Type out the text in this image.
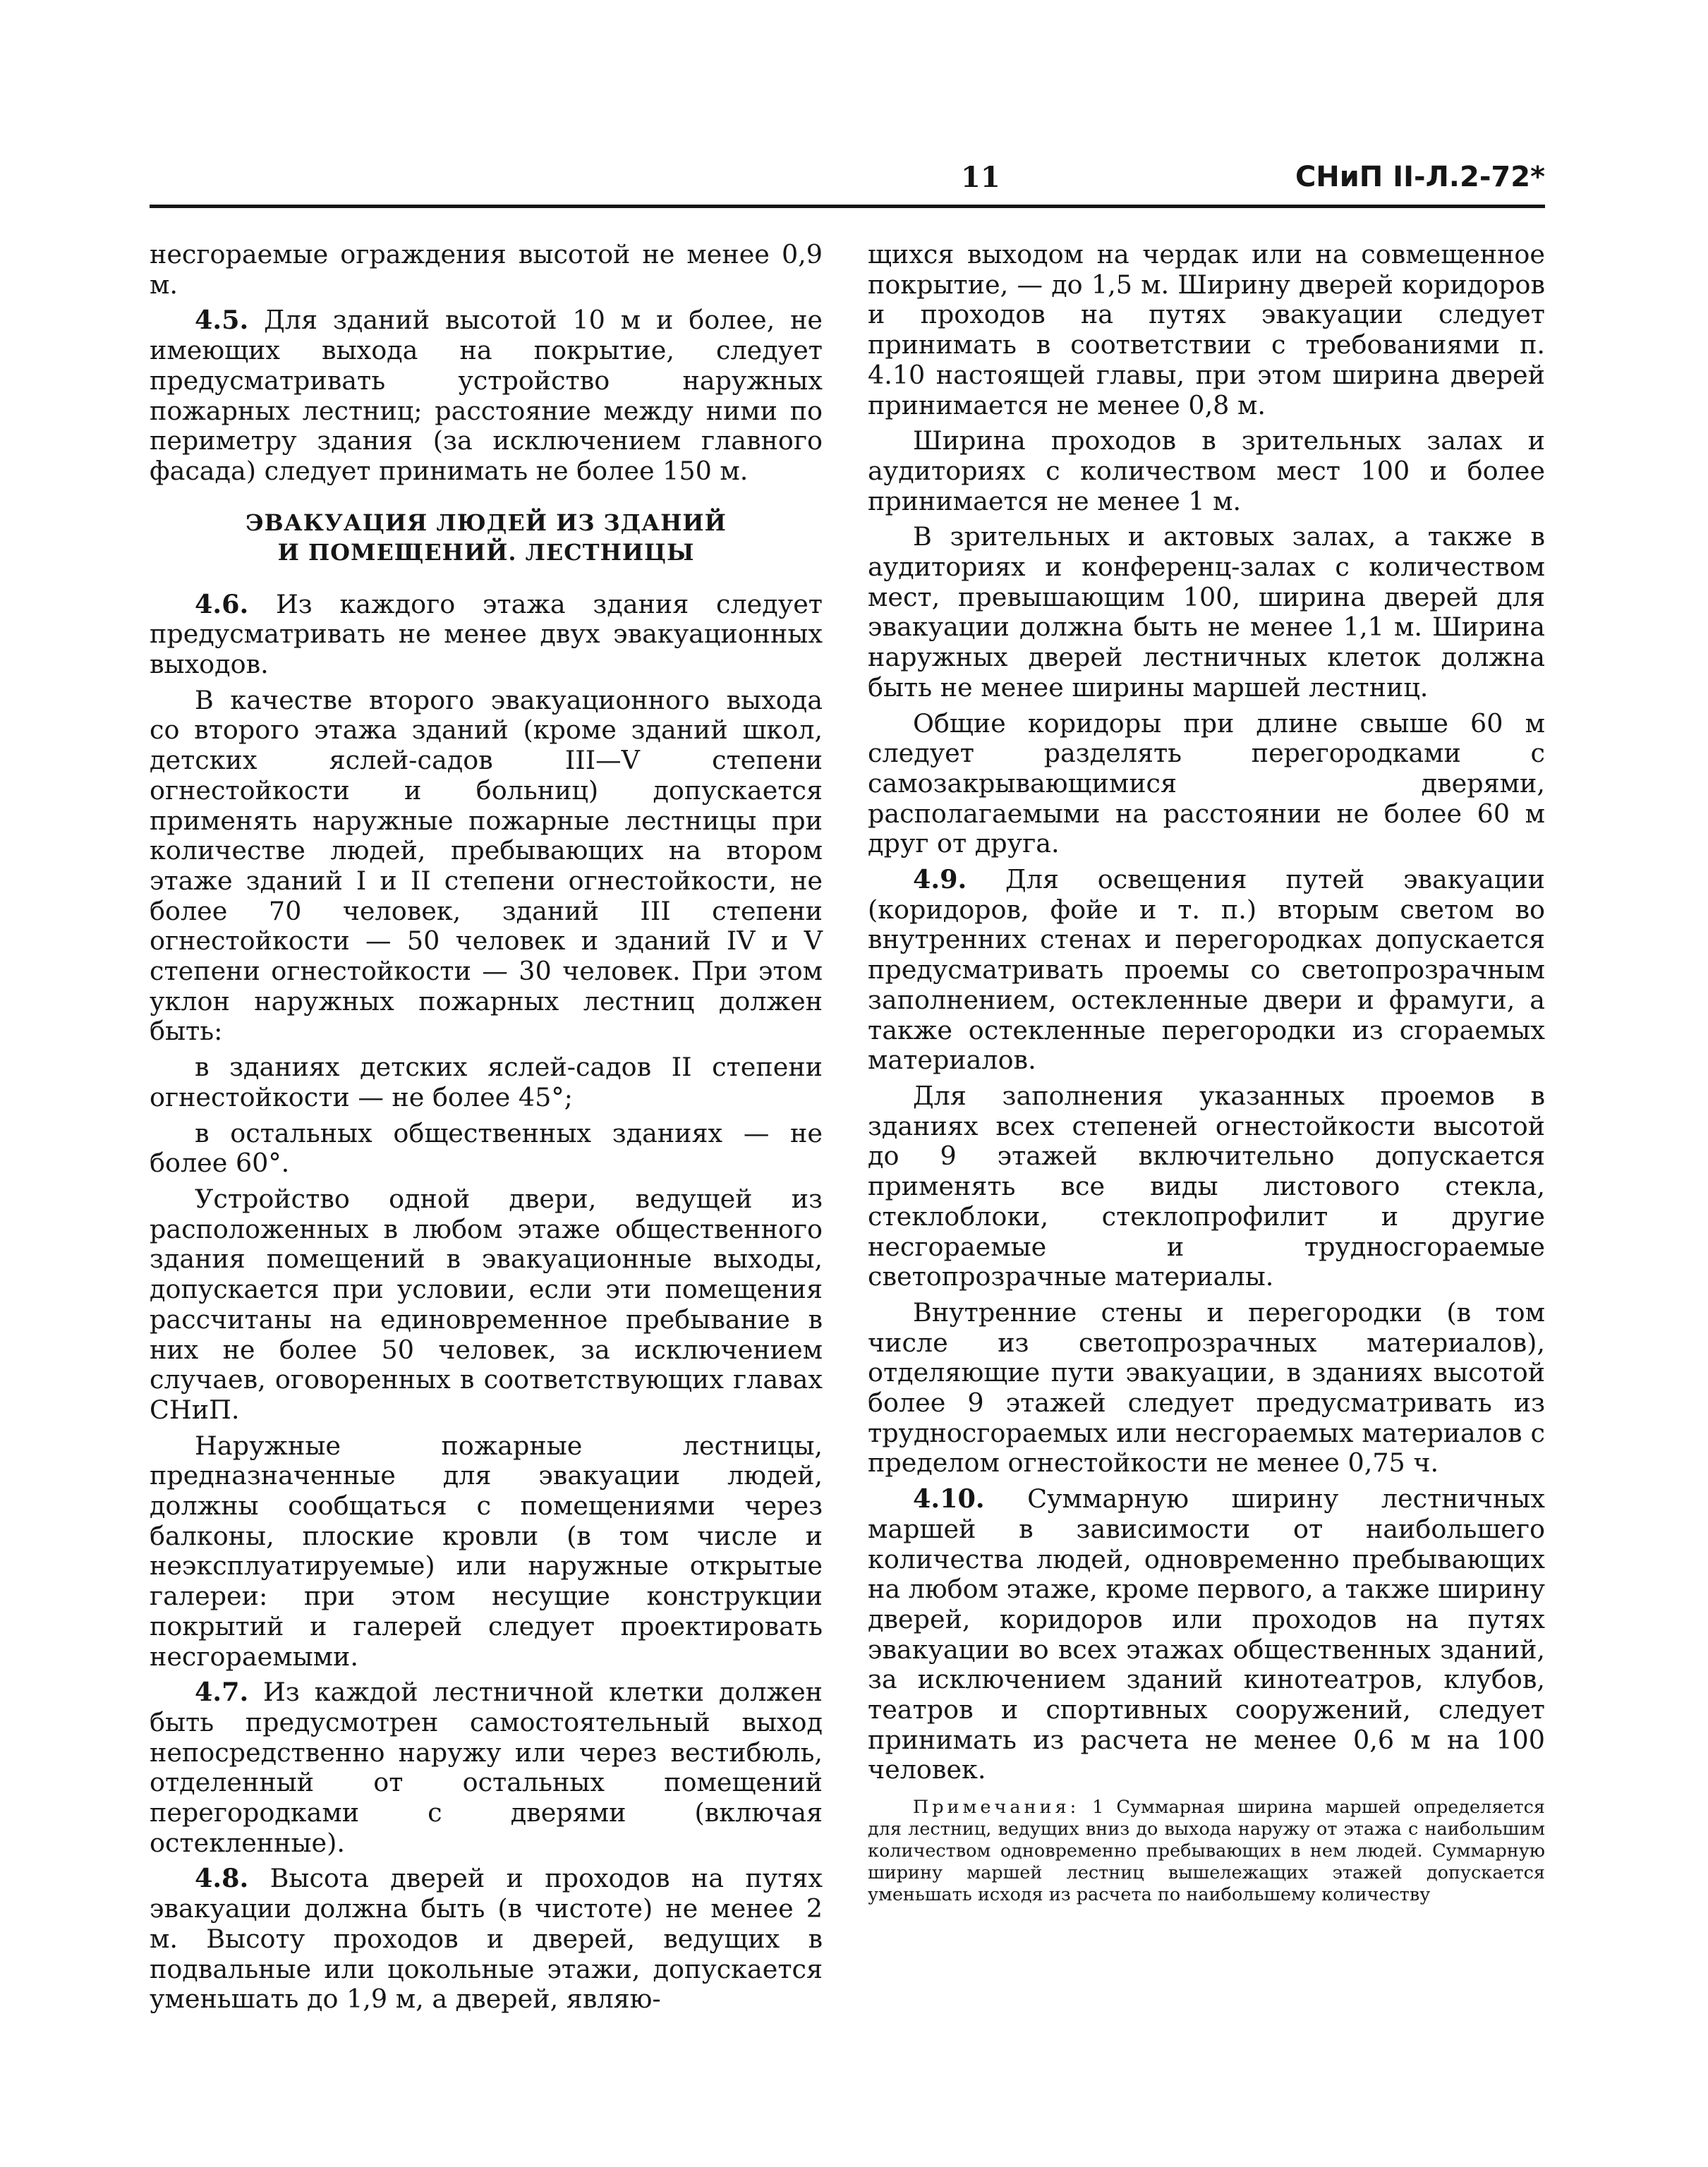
11	СНиП II-Л.2-72*

несгораемые ограждения высотой не менее 0,9 м.

4.5. Для зданий высотой 10 м и более, не имеющих выхода на покрытие, следует предусматривать устройство наружных пожарных лестниц; расстояние между ними по периметру здания (за исключением главного фасада) следует принимать не более 150 м.

ЭВАКУАЦИЯ ЛЮДЕЙ ИЗ ЗДАНИЙ
И ПОМЕЩЕНИЙ. ЛЕСТНИЦЫ

4.6. Из каждого этажа здания следует предусматривать не менее двух эвакуационных выходов.

В качестве второго эвакуационного выхода со второго этажа зданий (кроме зданий школ, детских яслей-садов III—V степени огнестойкости и больниц) допускается применять наружные пожарные лестницы при количестве людей, пребывающих на втором этаже зданий I и II степени огнестойкости, не более 70 человек, зданий III степени огнестойкости — 50 человек и зданий IV и V степени огнестойкости — 30 человек. При этом уклон наружных пожарных лестниц должен быть:

в зданиях детских яслей-садов II степени огнестойкости — не более 45°;

в остальных общественных зданиях — не более 60°.

Устройство одной двери, ведущей из расположенных в любом этаже общественного здания помещений в эвакуационные выходы, допускается при условии, если эти помещения рассчитаны на единовременное пребывание в них не более 50 человек, за исключением случаев, оговоренных в соответствующих главах СНиП.

Наружные пожарные лестницы, предназначенные для эвакуации людей, должны сообщаться с помещениями через балконы, плоские кровли (в том числе и неэксплуатируемые) или наружные открытые галереи: при этом несущие конструкции покрытий и галерей следует проектировать несгораемыми.

4.7. Из каждой лестничной клетки должен быть предусмотрен самостоятельный выход непосредственно наружу или через вестибюль, отделенный от остальных помещений перегородками с дверями (включая остекленные).

4.8. Высота дверей и проходов на путях эвакуации должна быть (в чистоте) не менее 2 м. Высоту проходов и дверей, ведущих в подвальные или цокольные этажи, допускается уменьшать до 1,9 м, а дверей, являю-

щихся выходом на чердак или на совмещенное покрытие, — до 1,5 м. Ширину дверей коридоров и проходов на путях эвакуации следует принимать в соответствии с требованиями п. 4.10 настоящей главы, при этом ширина дверей принимается не менее 0,8 м.

Ширина проходов в зрительных залах и аудиториях с количеством мест 100 и более принимается не менее 1 м.

В зрительных и актовых залах, а также в аудиториях и конференц-залах с количеством мест, превышающим 100, ширина дверей для эвакуации должна быть не менее 1,1 м. Ширина наружных дверей лестничных клеток должна быть не менее ширины маршей лестниц.

Общие коридоры при длине свыше 60 м следует разделять перегородками с самозакрывающимися дверями, располагаемыми на расстоянии не более 60 м друг от друга.

4.9. Для освещения путей эвакуации (коридоров, фойе и т. п.) вторым светом во внутренних стенах и перегородках допускается предусматривать проемы со светопрозрачным заполнением, остекленные двери и фрамуги, а также остекленные перегородки из сгораемых материалов.

Для заполнения указанных проемов в зданиях всех степеней огнестойкости высотой до 9 этажей включительно допускается применять все виды листового стекла, стеклоблоки, стеклопрофилит и другие несгораемые и трудносгораемые светопрозрачные материалы.

Внутренние стены и перегородки (в том числе из светопрозрачных материалов), отделяющие пути эвакуации, в зданиях высотой более 9 этажей следует предусматривать из трудносгораемых или несгораемых материалов с пределом огнестойкости не менее 0,75 ч.

4.10. Суммарную ширину лестничных маршей в зависимости от наибольшего количества людей, одновременно пребывающих на любом этаже, кроме первого, а также ширину дверей, коридоров или проходов на путях эвакуации во всех этажах общественных зданий, за исключением зданий кинотеатров, клубов, театров и спортивных сооружений, следует принимать из расчета не менее 0,6 м на 100 человек.

Примечания: 1 Суммарная ширина маршей определяется для лестниц, ведущих вниз до выхода наружу от этажа с наибольшим количеством одновременно пребывающих в нем людей. Суммарную ширину маршей лестниц вышележащих этажей допускается уменьшать исходя из расчета по наибольшему количеству
